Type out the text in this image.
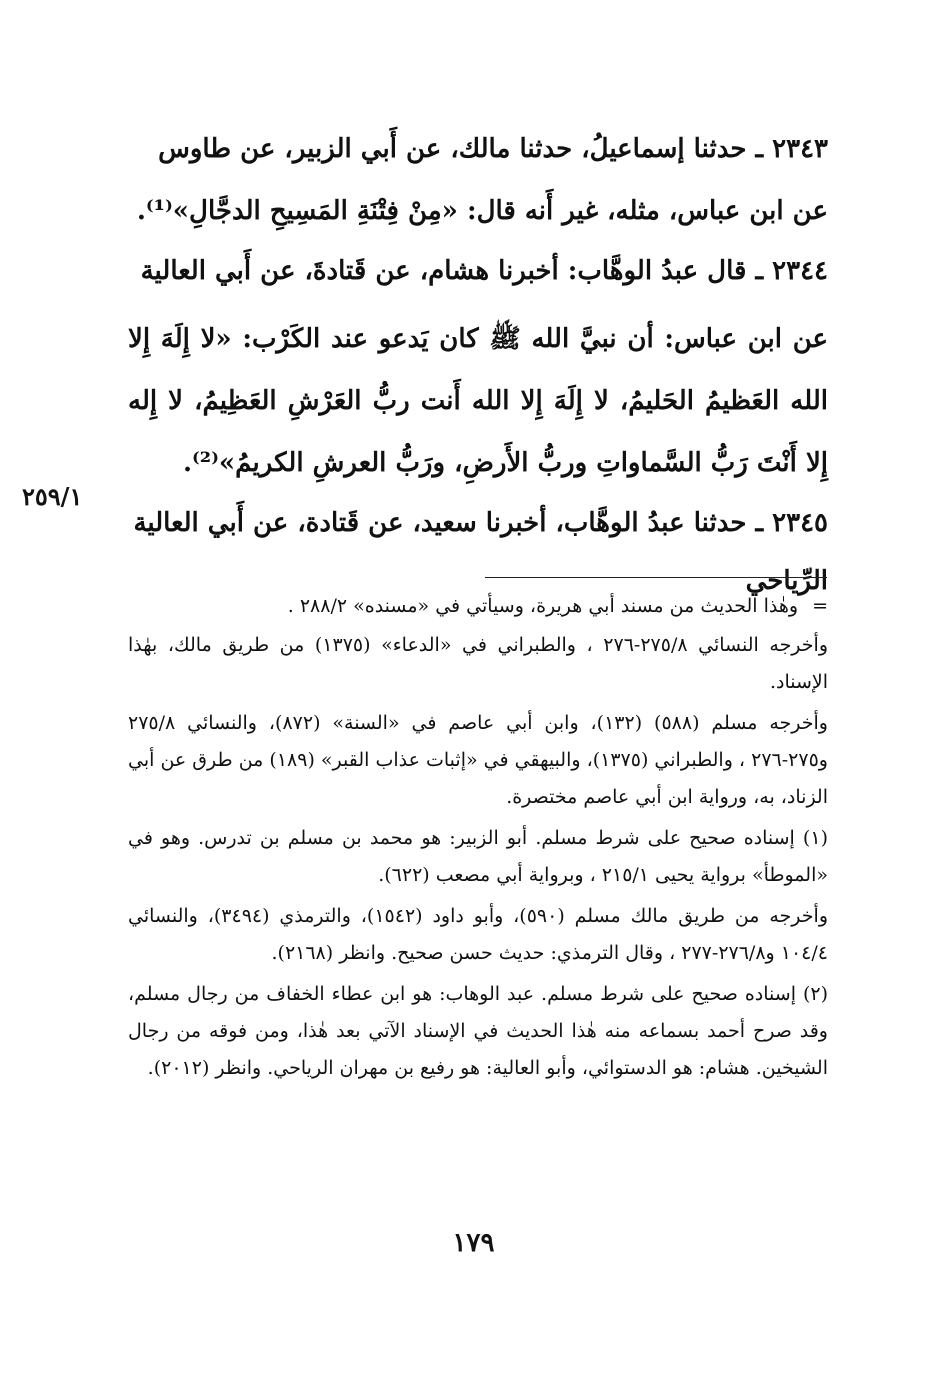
٢٣٤٣ ـ حدثنا إسماعيلُ، حدثنا مالك، عن أَبي الزبير، عن طاوس

عن ابن عباس، مثله، غير أَنه قال: «مِنْ فِتْنَةِ المَسِيحِ الدجَّالِ»⁽¹⁾.

٢٣٤٤ ـ قال عبدُ الوهَّاب: أخبرنا هشام، عن قَتادةَ، عن أَبي العالية

عن ابن عباس: أن نبيَّ الله ﷺ كان يَدعو عند الكَرْب: «لا إِلَهَ إِلا الله العَظيمُ الحَليمُ، لا إِلَهَ إِلا الله أَنت ربُّ العَرْشِ العَظِيمُ، لا إِله إِلا أَنْتَ رَبُّ السَّماواتِ وربُّ الأَرضِ، ورَبُّ العرشِ الكريمُ»⁽²⁾.

٢٣٤٥ ـ حدثنا عبدُ الوهَّاب، أخبرنا سعيد، عن قَتادة، عن أَبي العالية

الرِّياحي

٢٥٩/١

=وهٰذا الحديث من مسند أبي هريرة، وسيأتي في «مسنده» ٢٨٨/٢ .

وأخرجه النسائي ٢٧٥/٨-٢٧٦ ، والطبراني في «الدعاء» (١٣٧٥) من طريق مالك، بهٰذا الإسناد.

وأخرجه مسلم (٥٨٨) (١٣٢)، وابن أبي عاصم في «السنة» (٨٧٢)، والنسائي ٢٧٥/٨ و٢٧٥-٢٧٦ ، والطبراني (١٣٧٥)، والبيهقي في «إثبات عذاب القبر» (١٨٩) من طرق عن أبي الزناد، به، ورواية ابن أبي عاصم مختصرة.

(١) إسناده صحيح على شرط مسلم. أبو الزبير: هو محمد بن مسلم بن تدرس. وهو في «الموطأ» برواية يحيى ٢١٥/١ ، وبرواية أبي مصعب (٦٢٢).

وأخرجه من طريق مالك مسلم (٥٩٠)، وأبو داود (١٥٤٢)، والترمذي (٣٤٩٤)، والنسائي ١٠٤/٤ و٢٧٦/٨-٢٧٧ ، وقال الترمذي: حديث حسن صحيح. وانظر (٢١٦٨).

(٢) إسناده صحيح على شرط مسلم. عبد الوهاب: هو ابن عطاء الخفاف من رجال مسلم، وقد صرح أحمد بسماعه منه هٰذا الحديث في الإسناد الآتي بعد هٰذا، ومن فوقه من رجال الشيخين. هشام: هو الدستوائي، وأبو العالية: هو رفيع بن مهران الرياحي. وانظر (٢٠١٢).

١٧٩
